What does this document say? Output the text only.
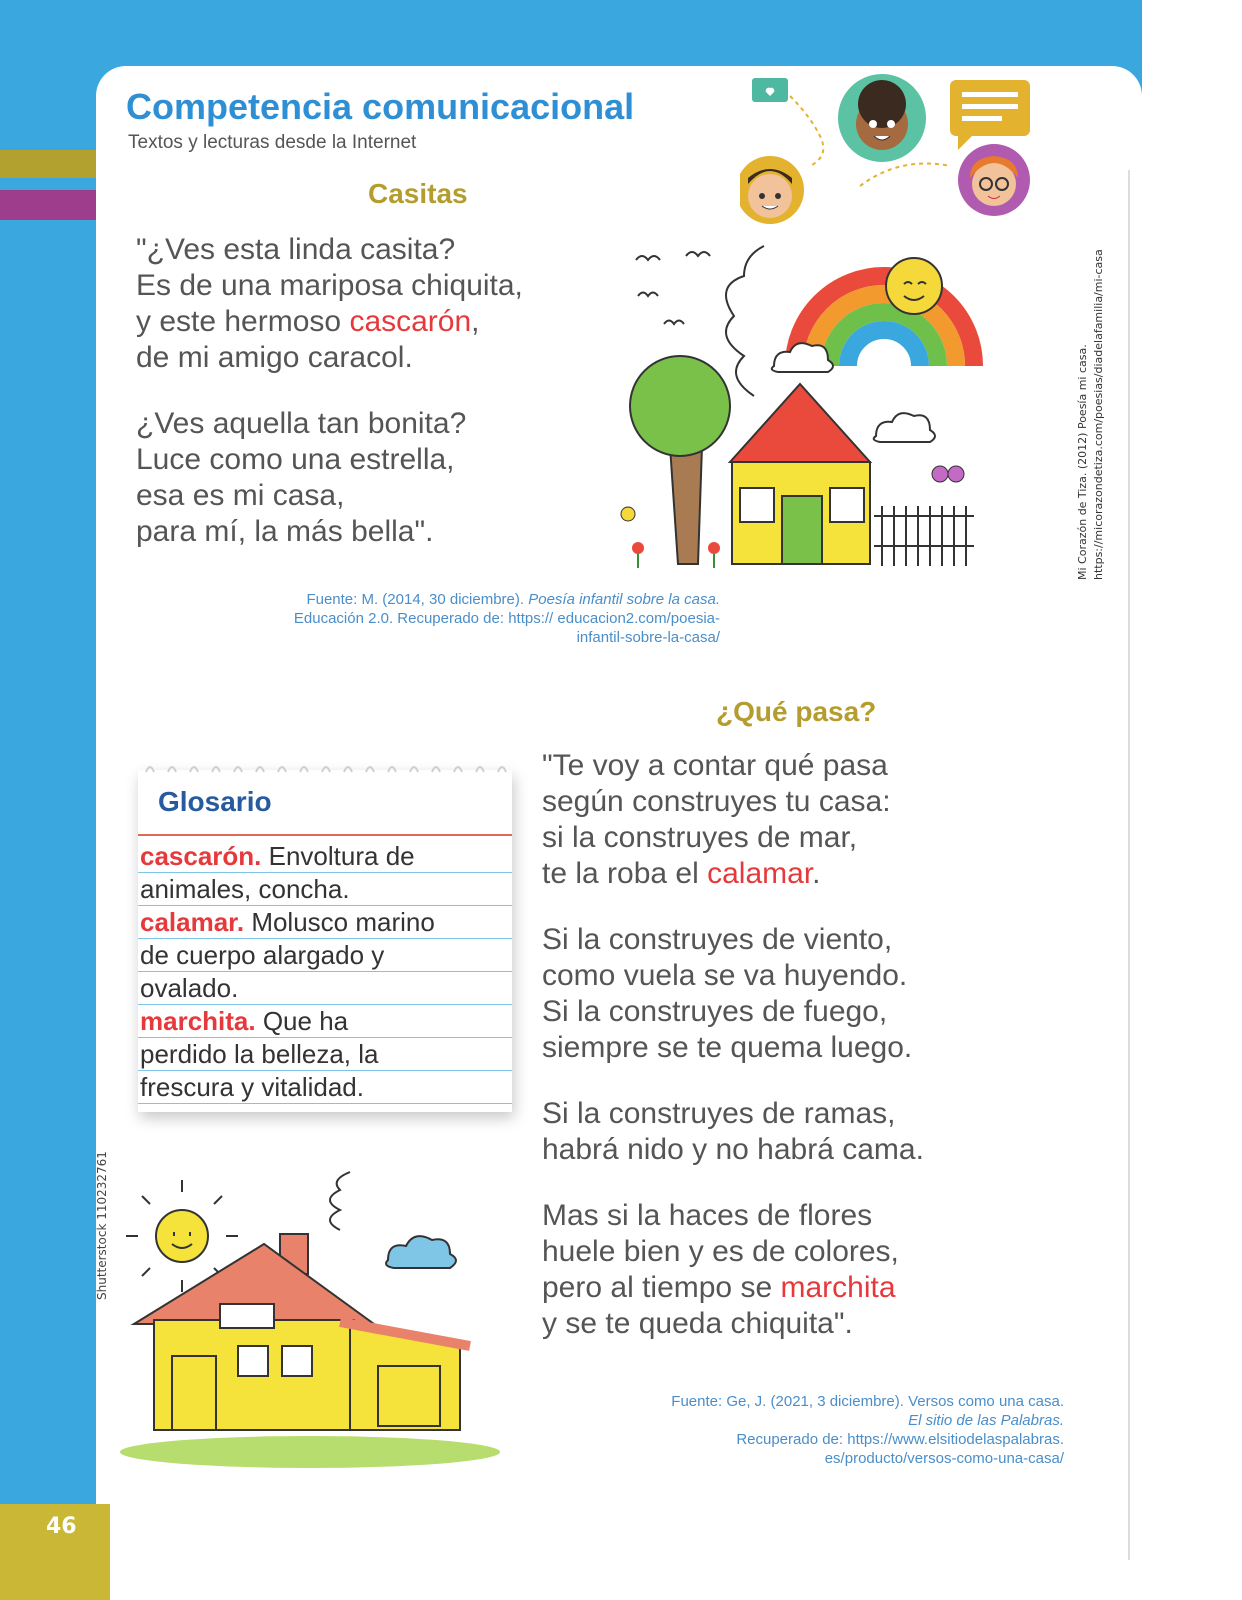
46
Shutterstock 110232761
Mi Corazón de Tiza. (2012) Poesía mi casa. https://micorazondetiza.com/poesias/diadelafamilia/mi-casa
Competencia comunicacional
Textos y lecturas desde la Internet
Casitas
"¿Ves esta linda casita?
Es de una mariposa chiquita,
y este hermoso cascarón,
de mi amigo caracol.
¿Ves aquella tan bonita?
Luce como una estrella,
esa es mi casa,
para mí, la más bella".
Fuente: M. (2014, 30 diciembre). Poesía infantil sobre la casa. Educación 2.0. Recuperado de: https:// educacion2.com/poesia-infantil-sobre-la-casa/
Glosario
cascarón. Envoltura de
animales, concha.
calamar. Molusco marino
de cuerpo alargado y
ovalado.
marchita. Que ha
perdido la belleza, la
frescura y vitalidad.
¿Qué pasa?
"Te voy a contar qué pasa
según construyes tu casa:
si la construyes de mar,
te la roba el calamar.
Si la construyes de viento,
como vuela se va huyendo.
Si la construyes de fuego,
siempre se te quema luego.
Si la construyes de ramas,
habrá nido y no habrá cama.
Mas si la haces de flores
huele bien y es de colores,
pero al tiempo se marchita
y se te queda chiquita".
Fuente: Ge, J. (2021, 3 diciembre). Versos como una casa.
El sitio de las Palabras.
Recuperado de: https://www.elsitiodelaspalabras.
es/producto/versos-como-una-casa/
